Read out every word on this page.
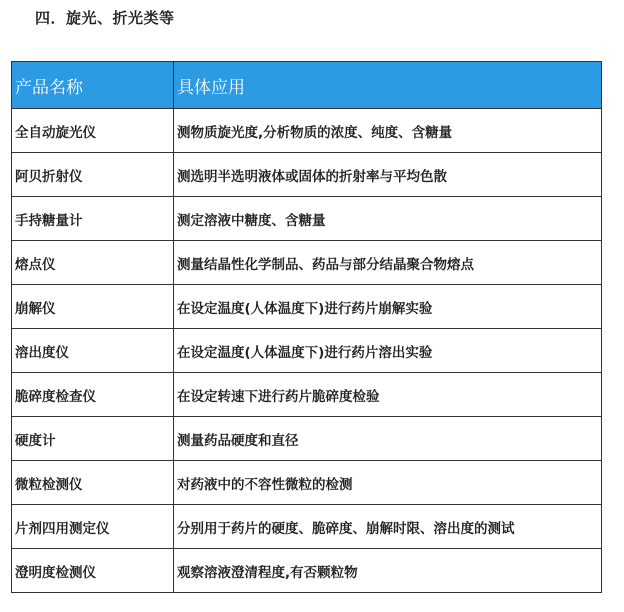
四．旋光、折光类等
产品名称	具体应用
全自动旋光仪	测物质旋光度,分析物质的浓度、纯度、含糖量
阿贝折射仪	测选明半选明液体或固体的折射率与平均色散
手持糖量计	测定溶液中糖度、含糖量
熔点仪	测量结晶性化学制品、药品与部分结晶聚合物熔点
崩解仪	在设定温度(人体温度下)进行药片崩解实验
溶出度仪	在设定温度(人体温度下)进行药片溶出实验
脆碎度检查仪	在设定转速下进行药片脆碎度检验
硬度计	测量药品硬度和直径
微粒检测仪	对药液中的不容性微粒的检测
片剂四用测定仪	分别用于药片的硬度、脆碎度、崩解时限、溶出度的测试
澄明度检测仪	观察溶液澄清程度,有否颗粒物
